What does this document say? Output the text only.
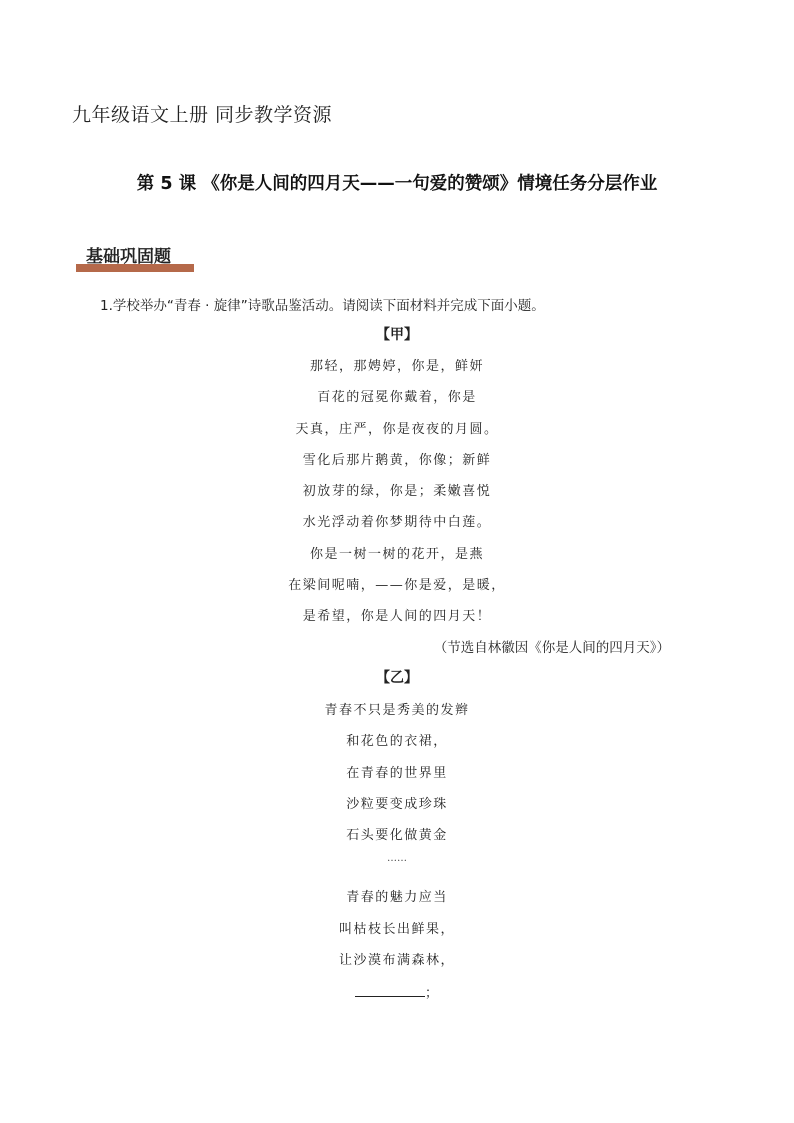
九年级语文上册 同步教学资源
第 5 课 《你是人间的四月天——一句爱的赞颂》情境任务分层作业
基础巩固题
1.学校举办“青春 · 旋律”诗歌品鉴活动。请阅读下面材料并完成下面小题。
【甲】
那轻，那娉婷，你是，鲜妍
百花的冠冕你戴着，你是
天真，庄严，你是夜夜的月圆。
雪化后那片鹅黄，你像；新鲜
初放芽的绿，你是；柔嫩喜悦
水光浮动着你梦期待中白莲。
你是一树一树的花开，是燕
在梁间呢喃，——你是爱，是暖，
是希望，你是人间的四月天！
（节选自林徽因《你是人间的四月天》）
【乙】
青春不只是秀美的发辫
和花色的衣裙，
在青春的世界里
沙粒要变成珍珠
石头要化做黄金
……
青春的魅力应当
叫枯枝长出鲜果，
让沙漠布满森林，
；
